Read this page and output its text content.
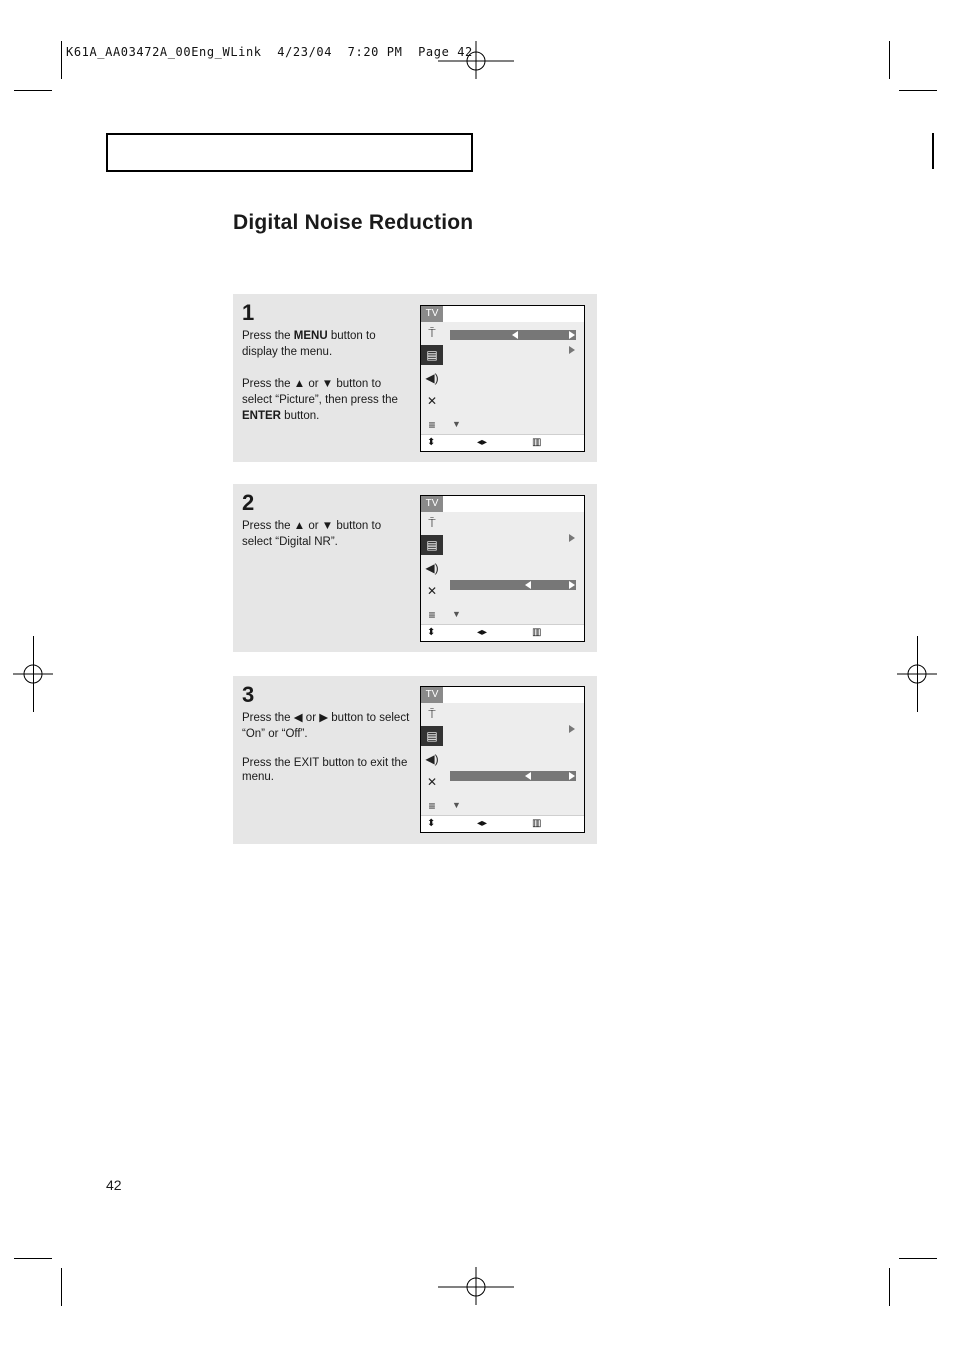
K61A_AA03472A_00Eng_WLink  4/23/04  7:20 PM  Page 42
Digital Noise Reduction
1

Press the MENU button to display the menu.

Press the ▲ or ▼ button to select “Picture”, then press the ENTER button.

TV
⍑
▤
◀)
✕
≡	▼
⬍	◂▸	▥
2

Press the ▲ or ▼ button to select “Digital NR”.

TV
⍑
▤
◀)
✕
≡	▼
⬍	◂▸	▥
3

Press the ◀ or ▶ button to select “On” or “Off”.

Press the EXIT button to exit the menu.

TV
⍑
▤
◀)
✕
≡	▼
⬍	◂▸	▥
42
